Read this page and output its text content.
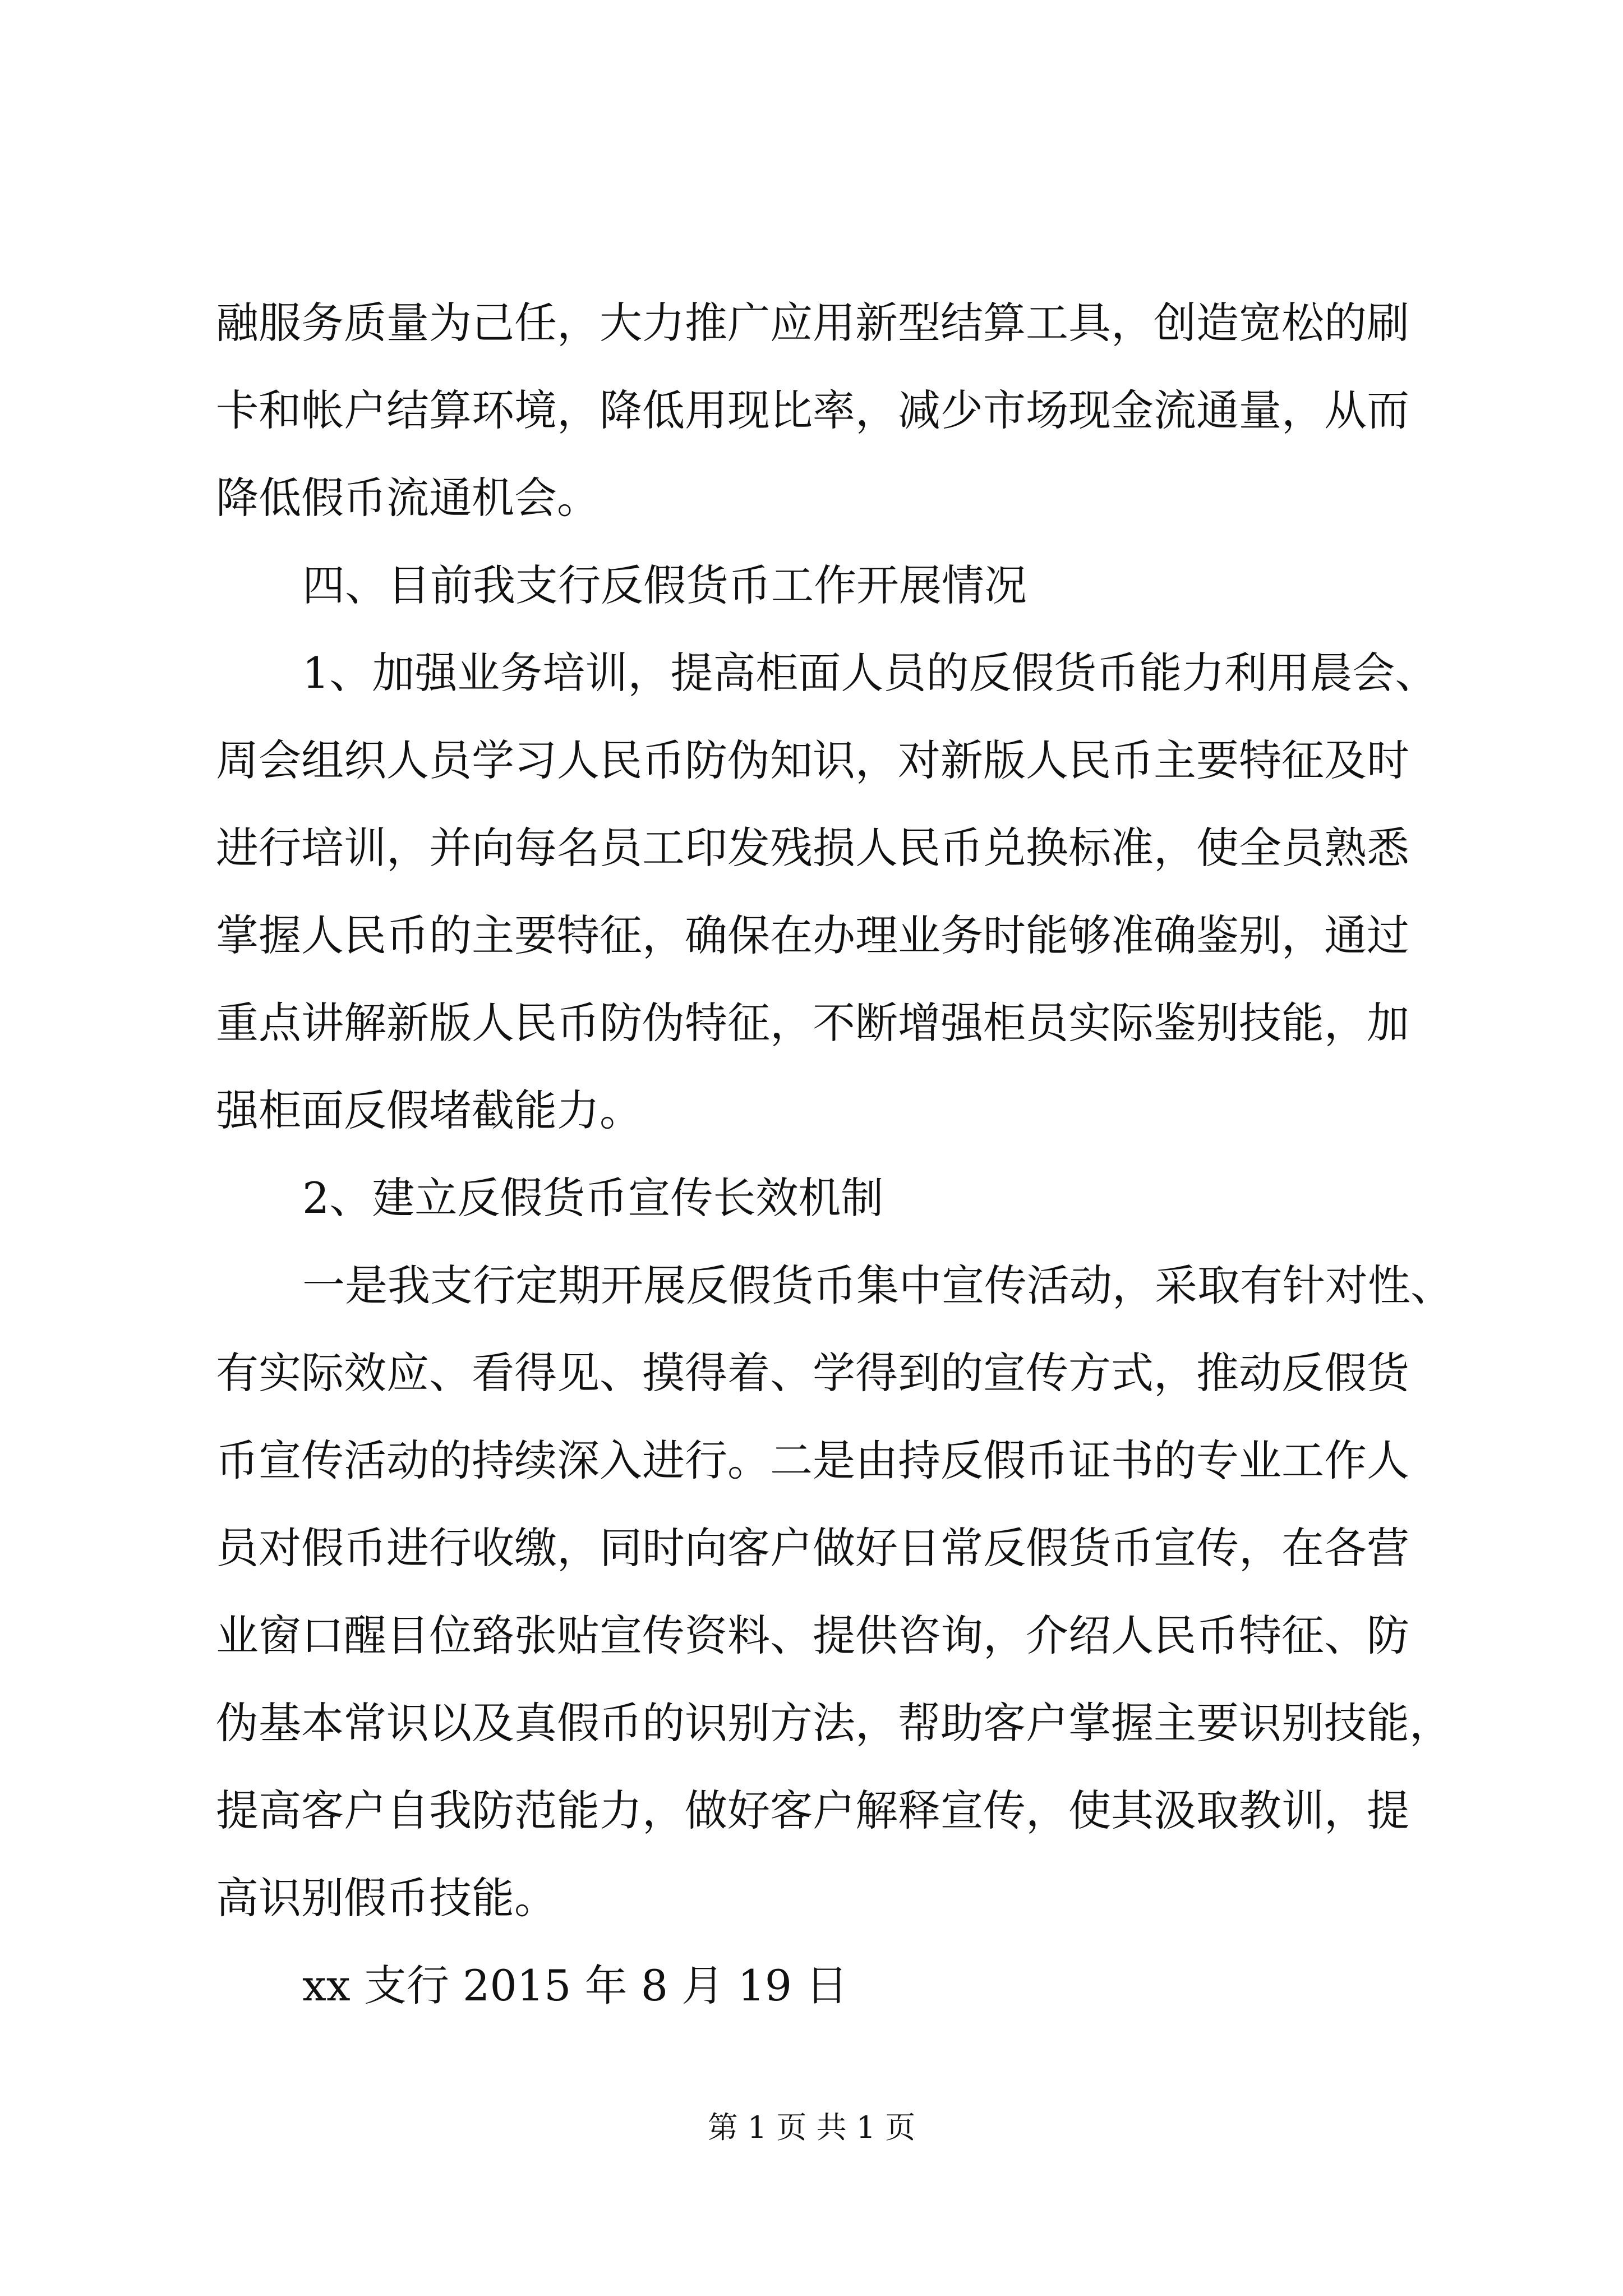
融服务质量为己任，大力推广应用新型结算工具，创造宽松的刷
卡和帐户结算环境，降低用现比率，减少市场现金流通量，从而
降低假币流通机会。
四、目前我支行反假货币工作开展情况
1、加强业务培训，提高柜面人员的反假货币能力利用晨会、
周会组织人员学习人民币防伪知识，对新版人民币主要特征及时
进行培训，并向每名员工印发残损人民币兑换标准，使全员熟悉
掌握人民币的主要特征，确保在办理业务时能够准确鉴别，通过
重点讲解新版人民币防伪特征，不断增强柜员实际鉴别技能，加
强柜面反假堵截能力。
2、建立反假货币宣传长效机制
一是我支行定期开展反假货币集中宣传活动，采取有针对性、
有实际效应、看得见、摸得着、学得到的宣传方式，推动反假货
币宣传活动的持续深入进行。二是由持反假币证书的专业工作人
员对假币进行收缴，同时向客户做好日常反假货币宣传，在各营
业窗口醒目位臵张贴宣传资料、提供咨询，介绍人民币特征、防
伪基本常识以及真假币的识别方法，帮助客户掌握主要识别技能，
提高客户自我防范能力，做好客户解释宣传，使其汲取教训，提
高识别假币技能。
xx 支行 2015 年 8 月 19 日
第 1 页 共 1 页
